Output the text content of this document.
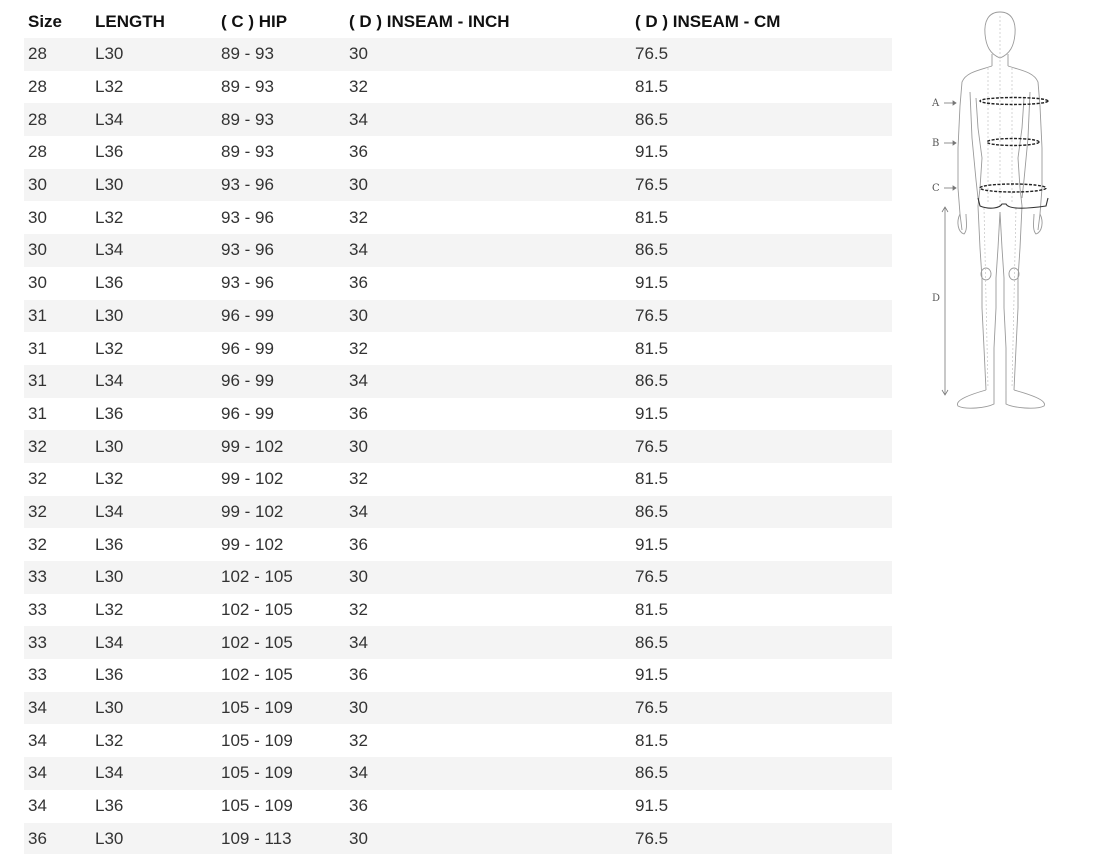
Size	LENGTH	( C ) HIP	( D ) INSEAM - INCH	( D ) INSEAM - CM
28	L30	89 - 93	30	76.5
28	L32	89 - 93	32	81.5
28	L34	89 - 93	34	86.5
28	L36	89 - 93	36	91.5
30	L30	93 - 96	30	76.5
30	L32	93 - 96	32	81.5
30	L34	93 - 96	34	86.5
30	L36	93 - 96	36	91.5
31	L30	96 - 99	30	76.5
31	L32	96 - 99	32	81.5
31	L34	96 - 99	34	86.5
31	L36	96 - 99	36	91.5
32	L30	99 - 102	30	76.5
32	L32	99 - 102	32	81.5
32	L34	99 - 102	34	86.5
32	L36	99 - 102	36	91.5
33	L30	102 - 105	30	76.5
33	L32	102 - 105	32	81.5
33	L34	102 - 105	34	86.5
33	L36	102 - 105	36	91.5
34	L30	105 - 109	30	76.5
34	L32	105 - 109	32	81.5
34	L34	105 - 109	34	86.5
34	L36	105 - 109	36	91.5
36	L30	109 - 113	30	76.5
A
B
C
D
